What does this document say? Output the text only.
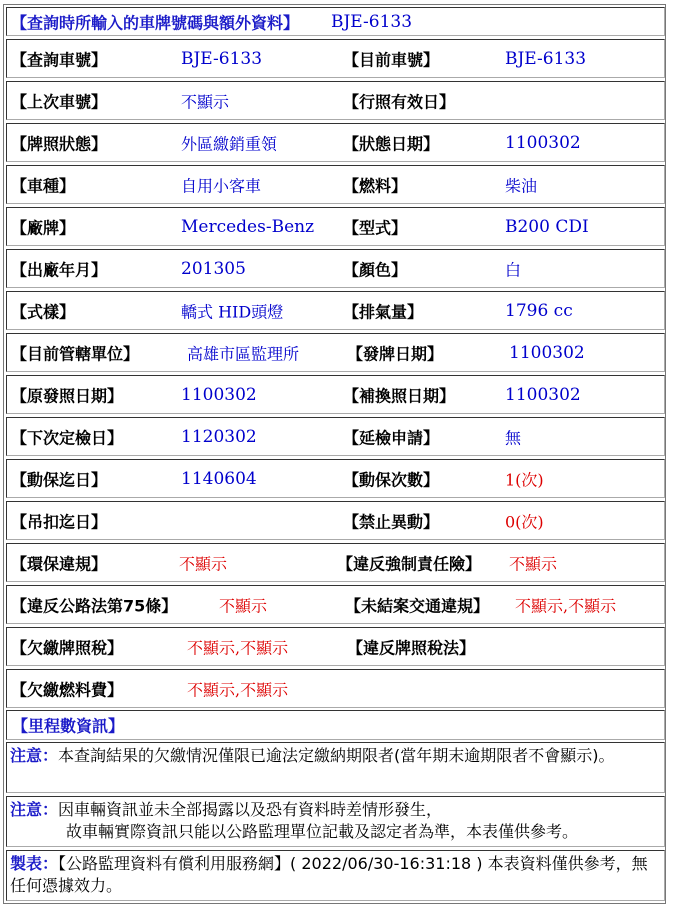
【查詢時所輸入的車牌號碼與額外資料】 BJE-6133
【查詢車號】	BJE-6133	【目前車號】	BJE-6133
【上次車號】	不顯示	【行照有效日】
【牌照狀態】	外區繳銷重領	【狀態日期】	1100302
【車種】	自用小客車	【燃料】	柴油
【廠牌】	Mercedes-Benz 【型式】	B200 CDI
【出廠年月】	201305	【顏色】	白
【式樣】	轎式 HID頭燈	【排氣量】	1796 cc
【目前管轄單位】	高雄市區監理所	【發牌日期】	1100302
【原發照日期】	1100302	【補換照日期】	1100302
【下次定檢日】	1120302	【延檢申請】	無
【動保迄日】	1140604	【動保次數】	1(次)
【吊扣迄日】	【禁止異動】	0(次)
【環保違規】	不顯示	【違反強制責任險】 不顯示
【違反公路法第75條】	不顯示	【未結案交通違規】 不顯示,不顯示
【欠繳牌照稅】	不顯示,不顯示	【違反牌照稅法】
【欠繳燃料費】	不顯示,不顯示
【里程數資訊】
注意：本查詢結果的欠繳情況僅限已逾法定繳納期限者(當年期末逾期限者不會顯示)。
注意：因車輛資訊並未全部揭露以及恐有資料時差情形發生，
故車輛實際資訊只能以公路監理單位記載及認定者為準，本表僅供參考。
製表：【公路監理資料有償利用服務網】( 2022/06/30-16:31:18 ) 本表資料僅供參考，無任何憑據效力。
